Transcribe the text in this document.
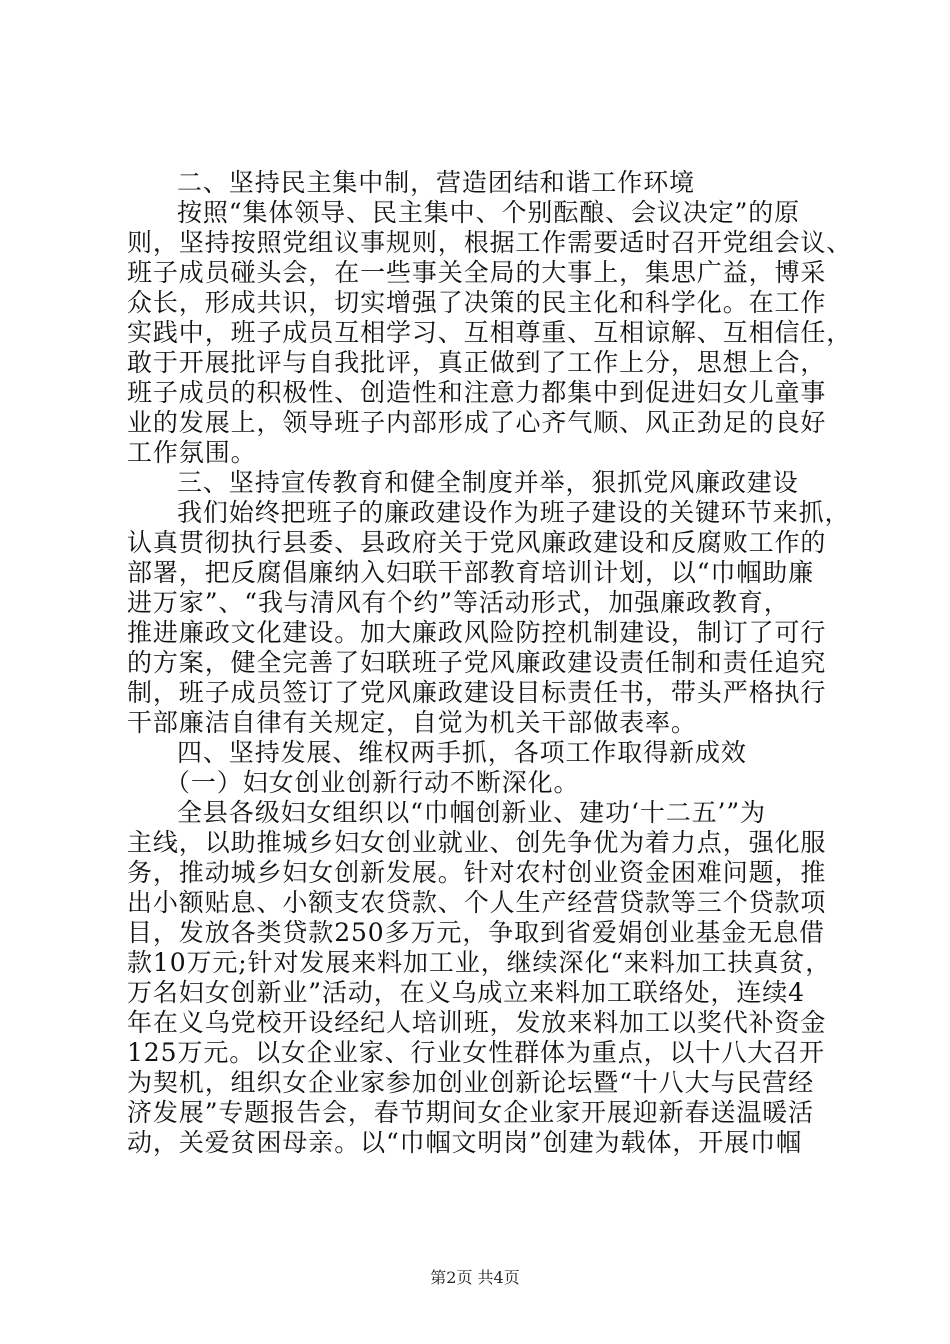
二、坚持民主集中制，营造团结和谐工作环境
按照“集体领导、民主集中、个别酝酿、会议决定”的原
则，坚持按照党组议事规则，根据工作需要适时召开党组会议、
班子成员碰头会，在一些事关全局的大事上，集思广益，博采
众长，形成共识，切实增强了决策的民主化和科学化。在工作
实践中，班子成员互相学习、互相尊重、互相谅解、互相信任，
敢于开展批评与自我批评，真正做到了工作上分，思想上合，
班子成员的积极性、创造性和注意力都集中到促进妇女儿童事
业的发展上，领导班子内部形成了心齐气顺、风正劲足的良好
工作氛围。
三、坚持宣传教育和健全制度并举，狠抓党风廉政建设
我们始终把班子的廉政建设作为班子建设的关键环节来抓，
认真贯彻执行县委、县政府关于党风廉政建设和反腐败工作的
部署，把反腐倡廉纳入妇联干部教育培训计划，以“巾帼助廉
进万家”、“我与清风有个约”等活动形式，加强廉政教育，
推进廉政文化建设。加大廉政风险防控机制建设，制订了可行
的方案，健全完善了妇联班子党风廉政建设责任制和责任追究
制，班子成员签订了党风廉政建设目标责任书，带头严格执行
干部廉洁自律有关规定，自觉为机关干部做表率。
四、坚持发展、维权两手抓，各项工作取得新成效
（一）妇女创业创新行动不断深化。
全县各级妇女组织以“巾帼创新业、建功‘十二五’”为
主线，以助推城乡妇女创业就业、创先争优为着力点，强化服
务，推动城乡妇女创新发展。针对农村创业资金困难问题，推
出小额贴息、小额支农贷款、个人生产经营贷款等三个贷款项
目，发放各类贷款250多万元，争取到省爱娟创业基金无息借
款10万元;针对发展来料加工业，继续深化“来料加工扶真贫，
万名妇女创新业”活动，在义乌成立来料加工联络处，连续4
年在义乌党校开设经纪人培训班，发放来料加工以奖代补资金
125万元。以女企业家、行业女性群体为重点，以十八大召开
为契机，组织女企业家参加创业创新论坛暨“十八大与民营经
济发展”专题报告会，春节期间女企业家开展迎新春送温暖活
动，关爱贫困母亲。以“巾帼文明岗”创建为载体，开展巾帼
第2页 共4页
